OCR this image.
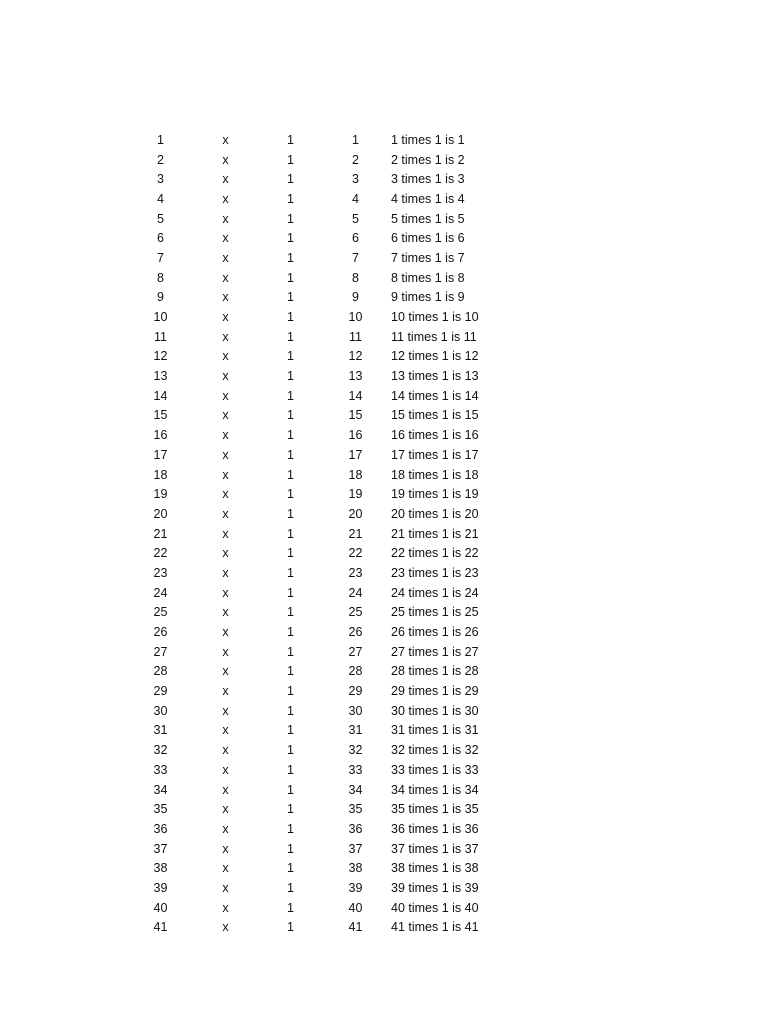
1	x	1	1	1 times 1 is 1
2	x	1	2	2 times 1 is 2
3	x	1	3	3 times 1 is 3
4	x	1	4	4 times 1 is 4
5	x	1	5	5 times 1 is 5
6	x	1	6	6 times 1 is 6
7	x	1	7	7 times 1 is 7
8	x	1	8	8 times 1 is 8
9	x	1	9	9 times 1 is 9
10	x	1	10	10 times 1 is 10
11	x	1	11	11 times 1 is 11
12	x	1	12	12 times 1 is 12
13	x	1	13	13 times 1 is 13
14	x	1	14	14 times 1 is 14
15	x	1	15	15 times 1 is 15
16	x	1	16	16 times 1 is 16
17	x	1	17	17 times 1 is 17
18	x	1	18	18 times 1 is 18
19	x	1	19	19 times 1 is 19
20	x	1	20	20 times 1 is 20
21	x	1	21	21 times 1 is 21
22	x	1	22	22 times 1 is 22
23	x	1	23	23 times 1 is 23
24	x	1	24	24 times 1 is 24
25	x	1	25	25 times 1 is 25
26	x	1	26	26 times 1 is 26
27	x	1	27	27 times 1 is 27
28	x	1	28	28 times 1 is 28
29	x	1	29	29 times 1 is 29
30	x	1	30	30 times 1 is 30
31	x	1	31	31 times 1 is 31
32	x	1	32	32 times 1 is 32
33	x	1	33	33 times 1 is 33
34	x	1	34	34 times 1 is 34
35	x	1	35	35 times 1 is 35
36	x	1	36	36 times 1 is 36
37	x	1	37	37 times 1 is 37
38	x	1	38	38 times 1 is 38
39	x	1	39	39 times 1 is 39
40	x	1	40	40 times 1 is 40
41	x	1	41	41 times 1 is 41
